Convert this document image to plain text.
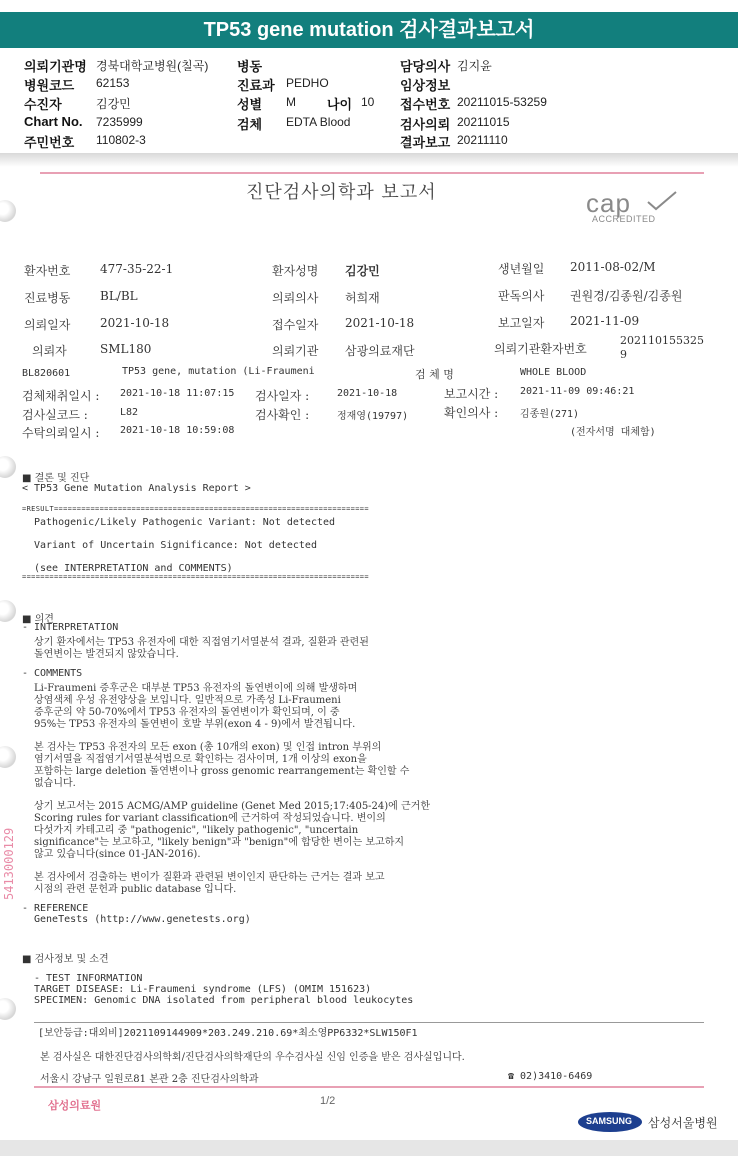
TP53 gene mutation 검사결과보고서
의뢰기관명 경북대학교병원(칠곡)
병원코드 62153
수진자	김강민
Chart No. 7235999
주민번호 110802-3
병동
진료과 PEDHO
성별 M 나이 10
검체 EDTA Blood
담당의사 김지윤
임상정보
접수번호 20211015-53259
검사의뢰 20211015
결과보고 20211110
진단검사의학과 보고서	cap
ACCREDITED
환자번호 477-35-22-1	환자성명 김강민	생년월일 2011-08-02/M
진료병동 BL/BL	의뢰의사 허희재	판독의사 권원경/김종원/김종원
의뢰일자 2021-10-18	접수일자 2021-10-18	보고일자 2021-11-09
의뢰자	SML180	의뢰기관 삼광의료재단	의뢰기관환자번호
202110155325
9
BL820601	TP53 gene, mutation (Li-Fraumeni	검 체 명	WHOLE BLOOD
검체채취일시 : 2021-10-18 11:07:15 검사일자 :	2021-10-18	보고시간 : 2021-11-09 09:46:21
검사실코드 :	L82	검사확인 :	정재영(19797)	확인의사 : 김종원(271)
수탁의뢰일시 : 2021-10-18 10:59:08	(전자서명 대체함)
■ 결론 및 진단
< TP53 Gene Mutation Analysis Report >
=RESULT=====================================================================
Pathogenic/Likely Pathogenic Variant: Not detected
Variant of Uncertain Significance: Not detected
(see INTERPRETATION and COMMENTS)
============================================================================
■ 의견
- INTERPRETATION
상기 환자에서는 TP53 유전자에 대한 직접염기서열분석 결과, 질환과 관련된
돌연변이는 발견되지 않았습니다.
- COMMENTS
Li-Fraumeni 증후군은 대부분 TP53 유전자의 돌연변이에 의해 발생하며
상염색체 우성 유전양상을 보입니다. 일반적으로 가족성 Li-Fraumeni
증후군의 약 50-70%에서 TP53 유전자의 돌연변이가 확인되며, 이 중
95%는 TP53 유전자의 돌연변이 호발 부위(exon 4 - 9)에서 발견됩니다.
본 검사는 TP53 유전자의 모든 exon (총 10개의 exon) 및 인접 intron 부위의
염기서열을 직접염기서열분석법으로 확인하는 검사이며, 1개 이상의 exon을
포함하는 large deletion 돌연변이나 gross genomic rearrangement는 확인할 수
없습니다.
상기 보고서는 2015 ACMG/AMP guideline (Genet Med 2015;17:405-24)에 근거한
Scoring rules for variant classification에 근거하여 작성되었습니다. 변이의
다섯가지 카테고리 중 "pathogenic", "likely pathogenic", "uncertain
significance"는 보고하고, "likely benign"과 "benign"에 합당한 변이는 보고하지
않고 있습니다(since 01-JAN-2016).
본 검사에서 검출하는 변이가 질환과 관련된 변이인지 판단하는 근거는 결과 보고
시점의 관련 문헌과 public database 입니다.
- REFERENCE
GeneTests (http://www.genetests.org)
■ 검사정보 및 소견
- TEST INFORMATION
TARGET DISEASE: Li-Fraumeni syndrome (LFS) (OMIM 151623)
SPECIMEN: Genomic DNA isolated from peripheral blood leukocytes
[보안등급:대외비]2021109144909*203.249.210.69*최소영PP6332*SLW150F1
본 검사실은 대한진단검사의학회/진단검사의학재단의 우수검사실 신임 인증을 받은 검사실입니다.
서울시 강남구 일원로81 본관 2층 진단검사의학과	☎ 02)3410-6469
삼성의료원	1/2
SAMSUNG 삼성서울병원
5413000129
